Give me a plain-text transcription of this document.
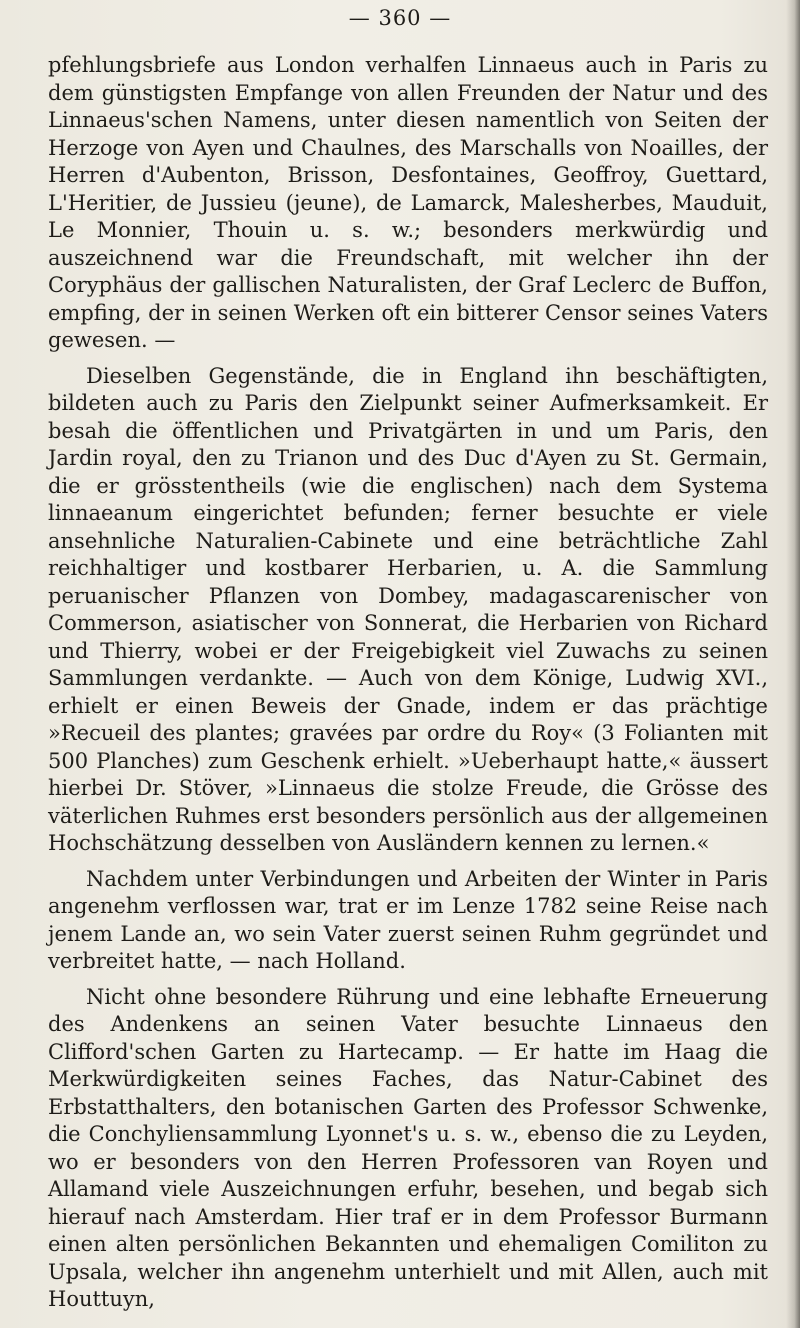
— 360 —

pfehlungsbriefe aus London verhalfen Linnaeus auch in Paris zu dem günstigsten Empfange von allen Freunden der Natur und des Linnaeus'schen Namens, unter diesen namentlich von Seiten der Herzoge von Ayen und Chaulnes, des Marschalls von Noailles, der Herren d'Aubenton, Brisson, Desfontaines, Geoffroy, Guettard, L'Heritier, de Jussieu (jeune), de Lamarck, Malesherbes, Mauduit, Le Monnier, Thouin u. s. w.; besonders merkwürdig und auszeichnend war die Freundschaft, mit welcher ihn der Coryphäus der gallischen Naturalisten, der Graf Leclerc de Buffon, empfing, der in seinen Werken oft ein bitterer Censor seines Vaters gewesen. —

Dieselben Gegenstände, die in England ihn beschäftigten, bildeten auch zu Paris den Zielpunkt seiner Aufmerksamkeit. Er besah die öffentlichen und Privatgärten in und um Paris, den Jardin royal, den zu Trianon und des Duc d'Ayen zu St. Germain, die er grösstentheils (wie die englischen) nach dem Systema linnaeanum eingerichtet befunden; ferner besuchte er viele ansehnliche Naturalien-Cabinete und eine beträchtliche Zahl reichhaltiger und kostbarer Herbarien, u. A. die Sammlung peruanischer Pflanzen von Dombey, madagascarenischer von Commerson, asiatischer von Sonnerat, die Herbarien von Richard und Thierry, wobei er der Freigebigkeit viel Zuwachs zu seinen Sammlungen verdankte. — Auch von dem Könige, Ludwig XVI., erhielt er einen Beweis der Gnade, indem er das prächtige »Recueil des plantes; gravées par ordre du Roy« (3 Folianten mit 500 Planches) zum Geschenk erhielt. »Ueberhaupt hatte,« äussert hierbei Dr. Stöver, »Linnaeus die stolze Freude, die Grösse des väterlichen Ruhmes erst besonders persönlich aus der allgemeinen Hochschätzung desselben von Ausländern kennen zu lernen.«

Nachdem unter Verbindungen und Arbeiten der Winter in Paris angenehm verflossen war, trat er im Lenze 1782 seine Reise nach jenem Lande an, wo sein Vater zuerst seinen Ruhm gegründet und verbreitet hatte, — nach Holland.

Nicht ohne besondere Rührung und eine lebhafte Erneuerung des Andenkens an seinen Vater besuchte Linnaeus den Clifford'schen Garten zu Hartecamp. — Er hatte im Haag die Merkwürdigkeiten seines Faches, das Natur-Cabinet des Erbstatthalters, den botanischen Garten des Professor Schwenke, die Conchyliensammlung Lyonnet's u. s. w., ebenso die zu Leyden, wo er besonders von den Herren Professoren van Royen und Allamand viele Auszeichnungen erfuhr, besehen, und begab sich hierauf nach Amsterdam. Hier traf er in dem Professor Burmann einen alten persönlichen Bekannten und ehemaligen Comiliton zu Upsala, welcher ihn angenehm unterhielt und mit Allen, auch mit Houttuyn,
